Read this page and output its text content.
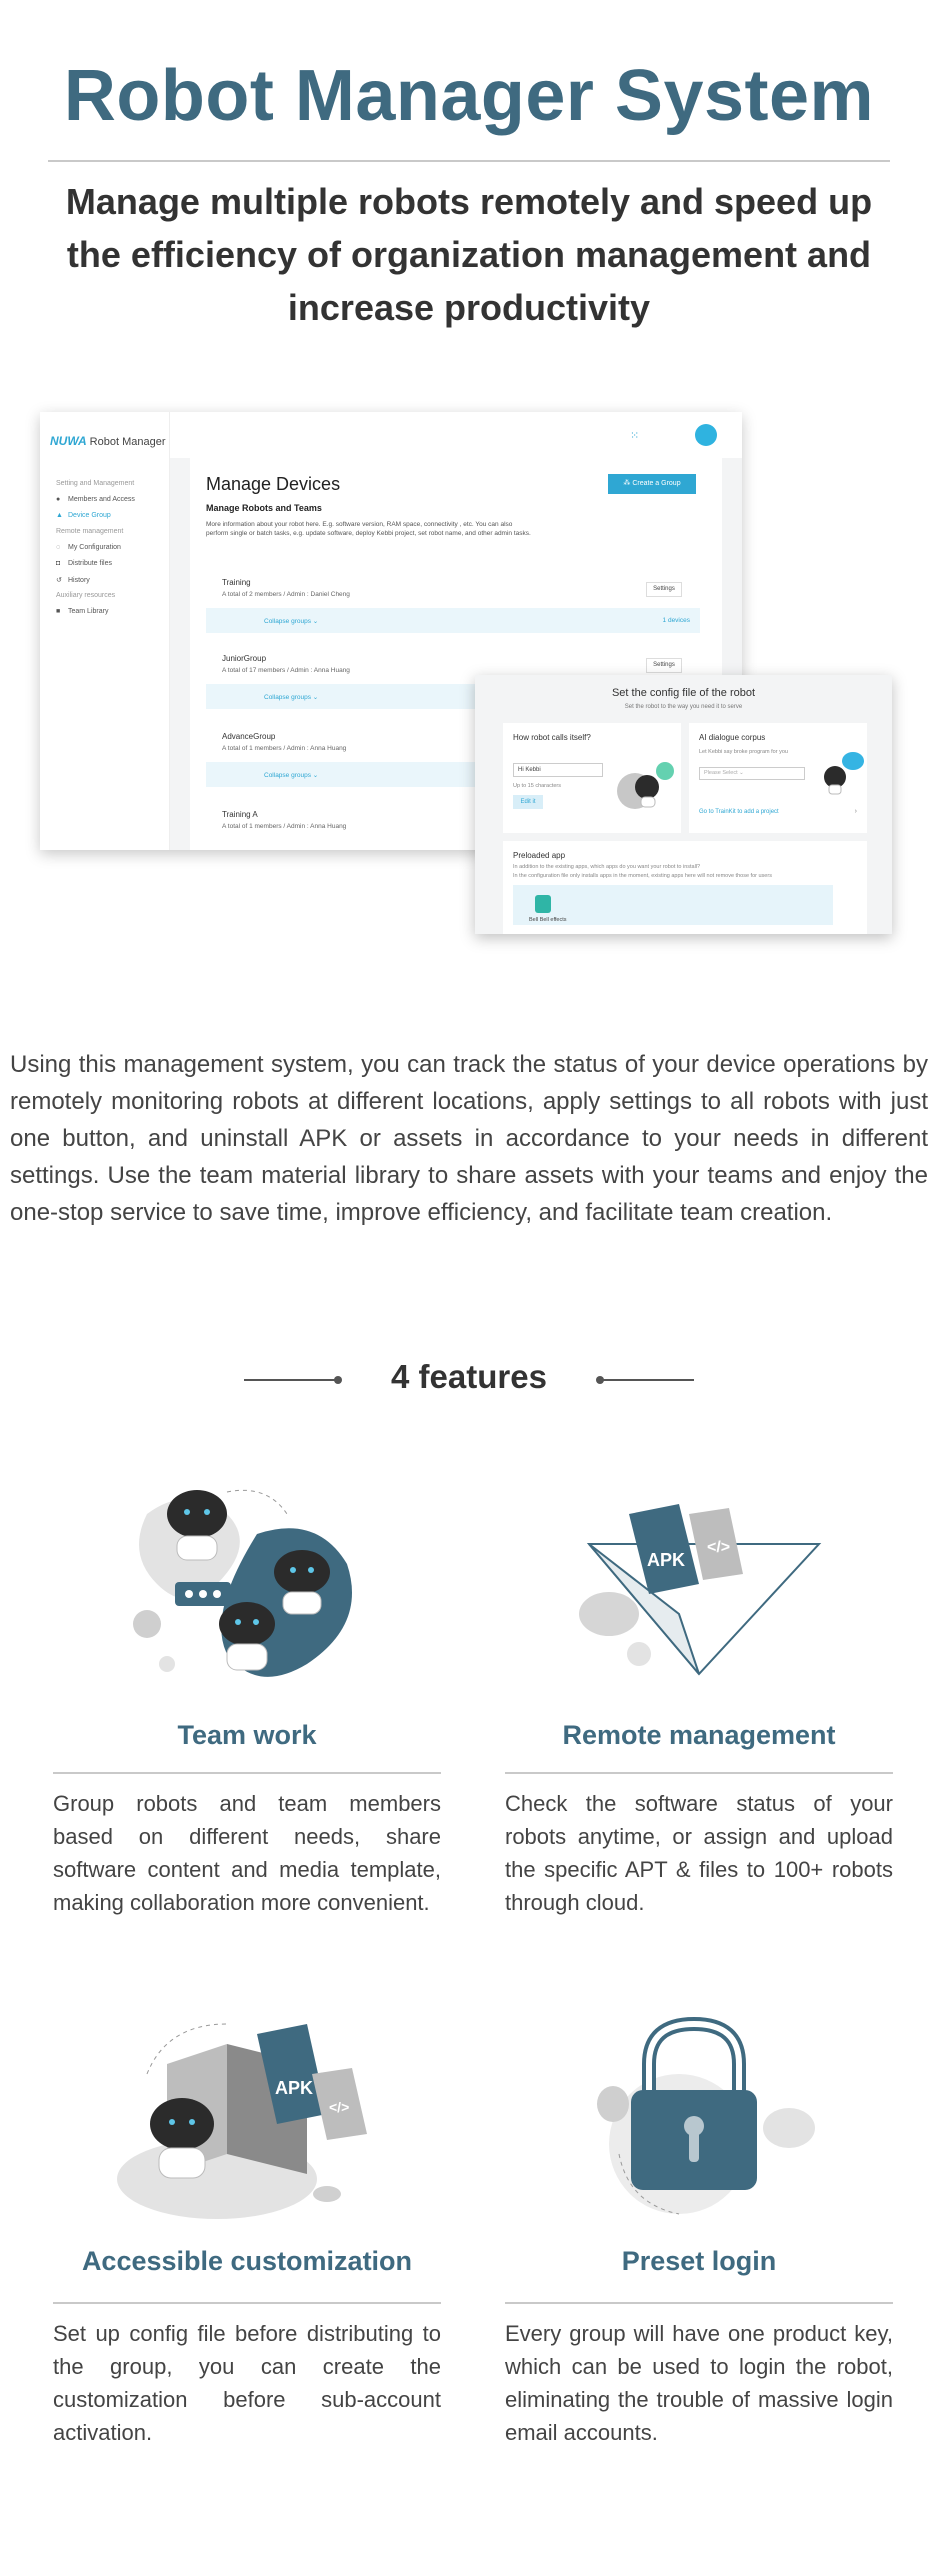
Robot Manager System
Manage multiple robots remotely and speed up the efficiency of organization management and increase productivity
NUWA Robot Manager
Setting and Management
● Members and Access
▲ Device Group
Remote management
◌ My Configuration
◘ Distribute files
↺ History
Auxiliary resources
■ Team Library
⁙
Manage Devices	⁂ Create a Group
Manage Robots and Teams
More information about your robot here. E.g. software version, RAM space, connectivity , etc. You can also perform single or batch tasks, e.g. update software, deploy Kebbi project, set robot name, and other admin tasks.
Training
A total of 2 members / Admin : Daniel Cheng
Settings
Collapse groups ⌄	1 devices
JuniorGroup
A total of 17 members / Admin : Anna Huang
Settings
Collapse groups ⌄
AdvanceGroup
A total of 1 members / Admin : Anna Huang
Collapse groups ⌄
Training A
A total of 1 members / Admin : Anna Huang
Set the config file of the robot
Set the robot to the way you need it to serve
How robot calls itself?
Hi Kebbi
Up to 15 characters
Edit it
AI dialogue corpus
Let Kebbi say broke program for you
Please Select ⌄
Go to TrainKit to add a project	›
Preloaded app
In addition to the existing apps, which apps do you want your robot to install?
In the configuration file only installs apps in the moment, existing apps here will not remove those for users
Bell Bell effects
Using this management system, you can track the status of your device operations by remotely monitoring robots at different locations, apply settings to all robots with just one button, and uninstall APK or assets in accordance to your needs in different settings. Use the team material library to share assets with your teams and enjoy the one-stop service to save time, improve efficiency, and facilitate team creation.
4 features
Team work
Group robots and team members based on different needs, share software content and media template, making collaboration more convenient.
APK
</>
Remote management
Check the software status of your robots anytime, or assign and upload the specific APT & files to 100+ robots through cloud.
APK
</>
Accessible customization
Set up config file before distributing to the group, you can create the customization before sub-account activation.
Preset login
Every group will have one product key, which can be used to login the robot, eliminating the trouble of massive login email accounts.
